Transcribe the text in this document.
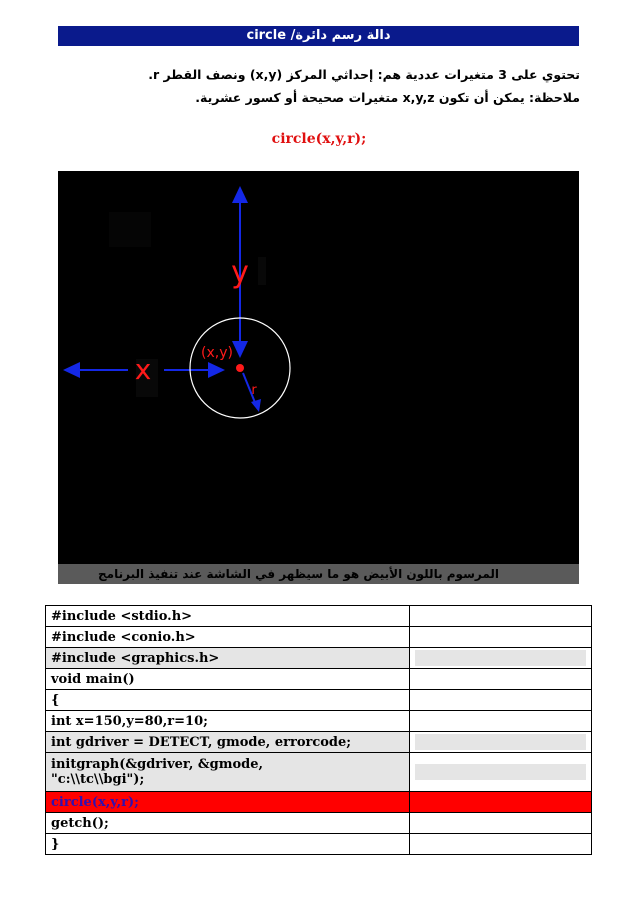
دالة رسم دائرة/ circle
تحتوي على 3 متغيرات عددية هم: إحداثي المركز (x,y) ونصف القطر r.
ملاحظة: يمكن أن تكون x,y,z متغيرات صحيحة أو كسور عشرية.
circle(x,y,r);
y
x	(x,y)
r
المرسوم باللون الأبيض هو ما سيظهر في الشاشة عند تنفيذ البرنامج
#include <stdio.h>	
#include <conio.h>	
#include <graphics.h>	

void main()	
{	
int x=150,y=80,r=10;	
int gdriver = DETECT, gmode, errorcode;	

initgraph(&gdriver, &gmode,
"c:\\tc\\bgi");	

circle(x,y,r);	
getch();	
}	
